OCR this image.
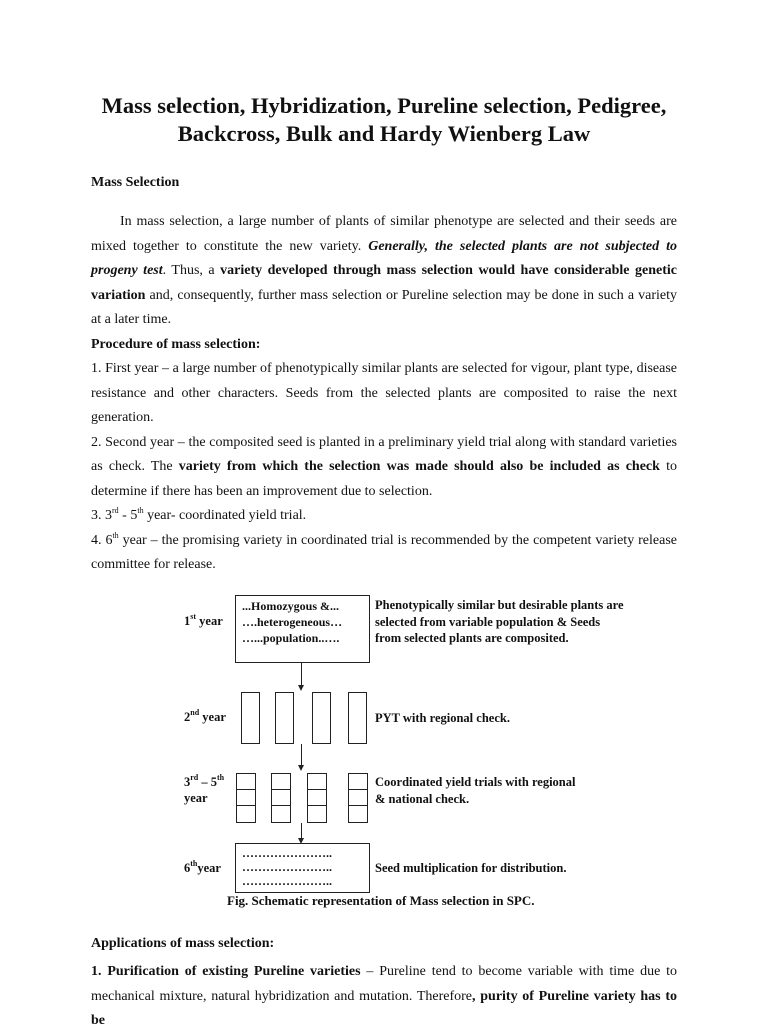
Mass selection, Hybridization, Pureline selection, Pedigree,
Backcross, Bulk and Hardy Wienberg Law
Mass Selection

In mass selection, a large number of plants of similar phenotype are selected and their seeds are mixed together to constitute the new variety. Generally, the selected plants are not subjected to progeny test. Thus, a variety developed through mass selection would have considerable genetic variation and, consequently, further mass selection or Pureline selection may be done in such a variety at a later time.

Procedure of mass selection:

1. First year – a large number of phenotypically similar plants are selected for vigour, plant type, disease resistance and other characters. Seeds from the selected plants are composited to raise the next generation.

2. Second year – the composited seed is planted in a preliminary yield trial along with standard varieties as check. The variety from which the selection was made should also be included as check to determine if there has been an improvement due to selection.

3. 3rd - 5th year- coordinated yield trial.

4. 6th year – the promising variety in coordinated trial is recommended by the competent variety release committee for release.

1st year
...Homozygous &...
….heterogeneous…
…...population..….
Phenotypically similar but desirable plants are
selected from variable population & Seeds
from selected plants are composited.
2nd year	PYT with regional check.
3rd – 5th
year
Coordinated yield trials with regional
& national check.
6thyear
…………………..
…………………..
…………………..
Seed multiplication for distribution.
Fig. Schematic representation of Mass selection in SPC.
Applications of mass selection:

1. Purification of existing Pureline varieties – Pureline tend to become variable with time due to mechanical mixture, natural hybridization and mutation. Therefore, purity of Pureline variety has to be
